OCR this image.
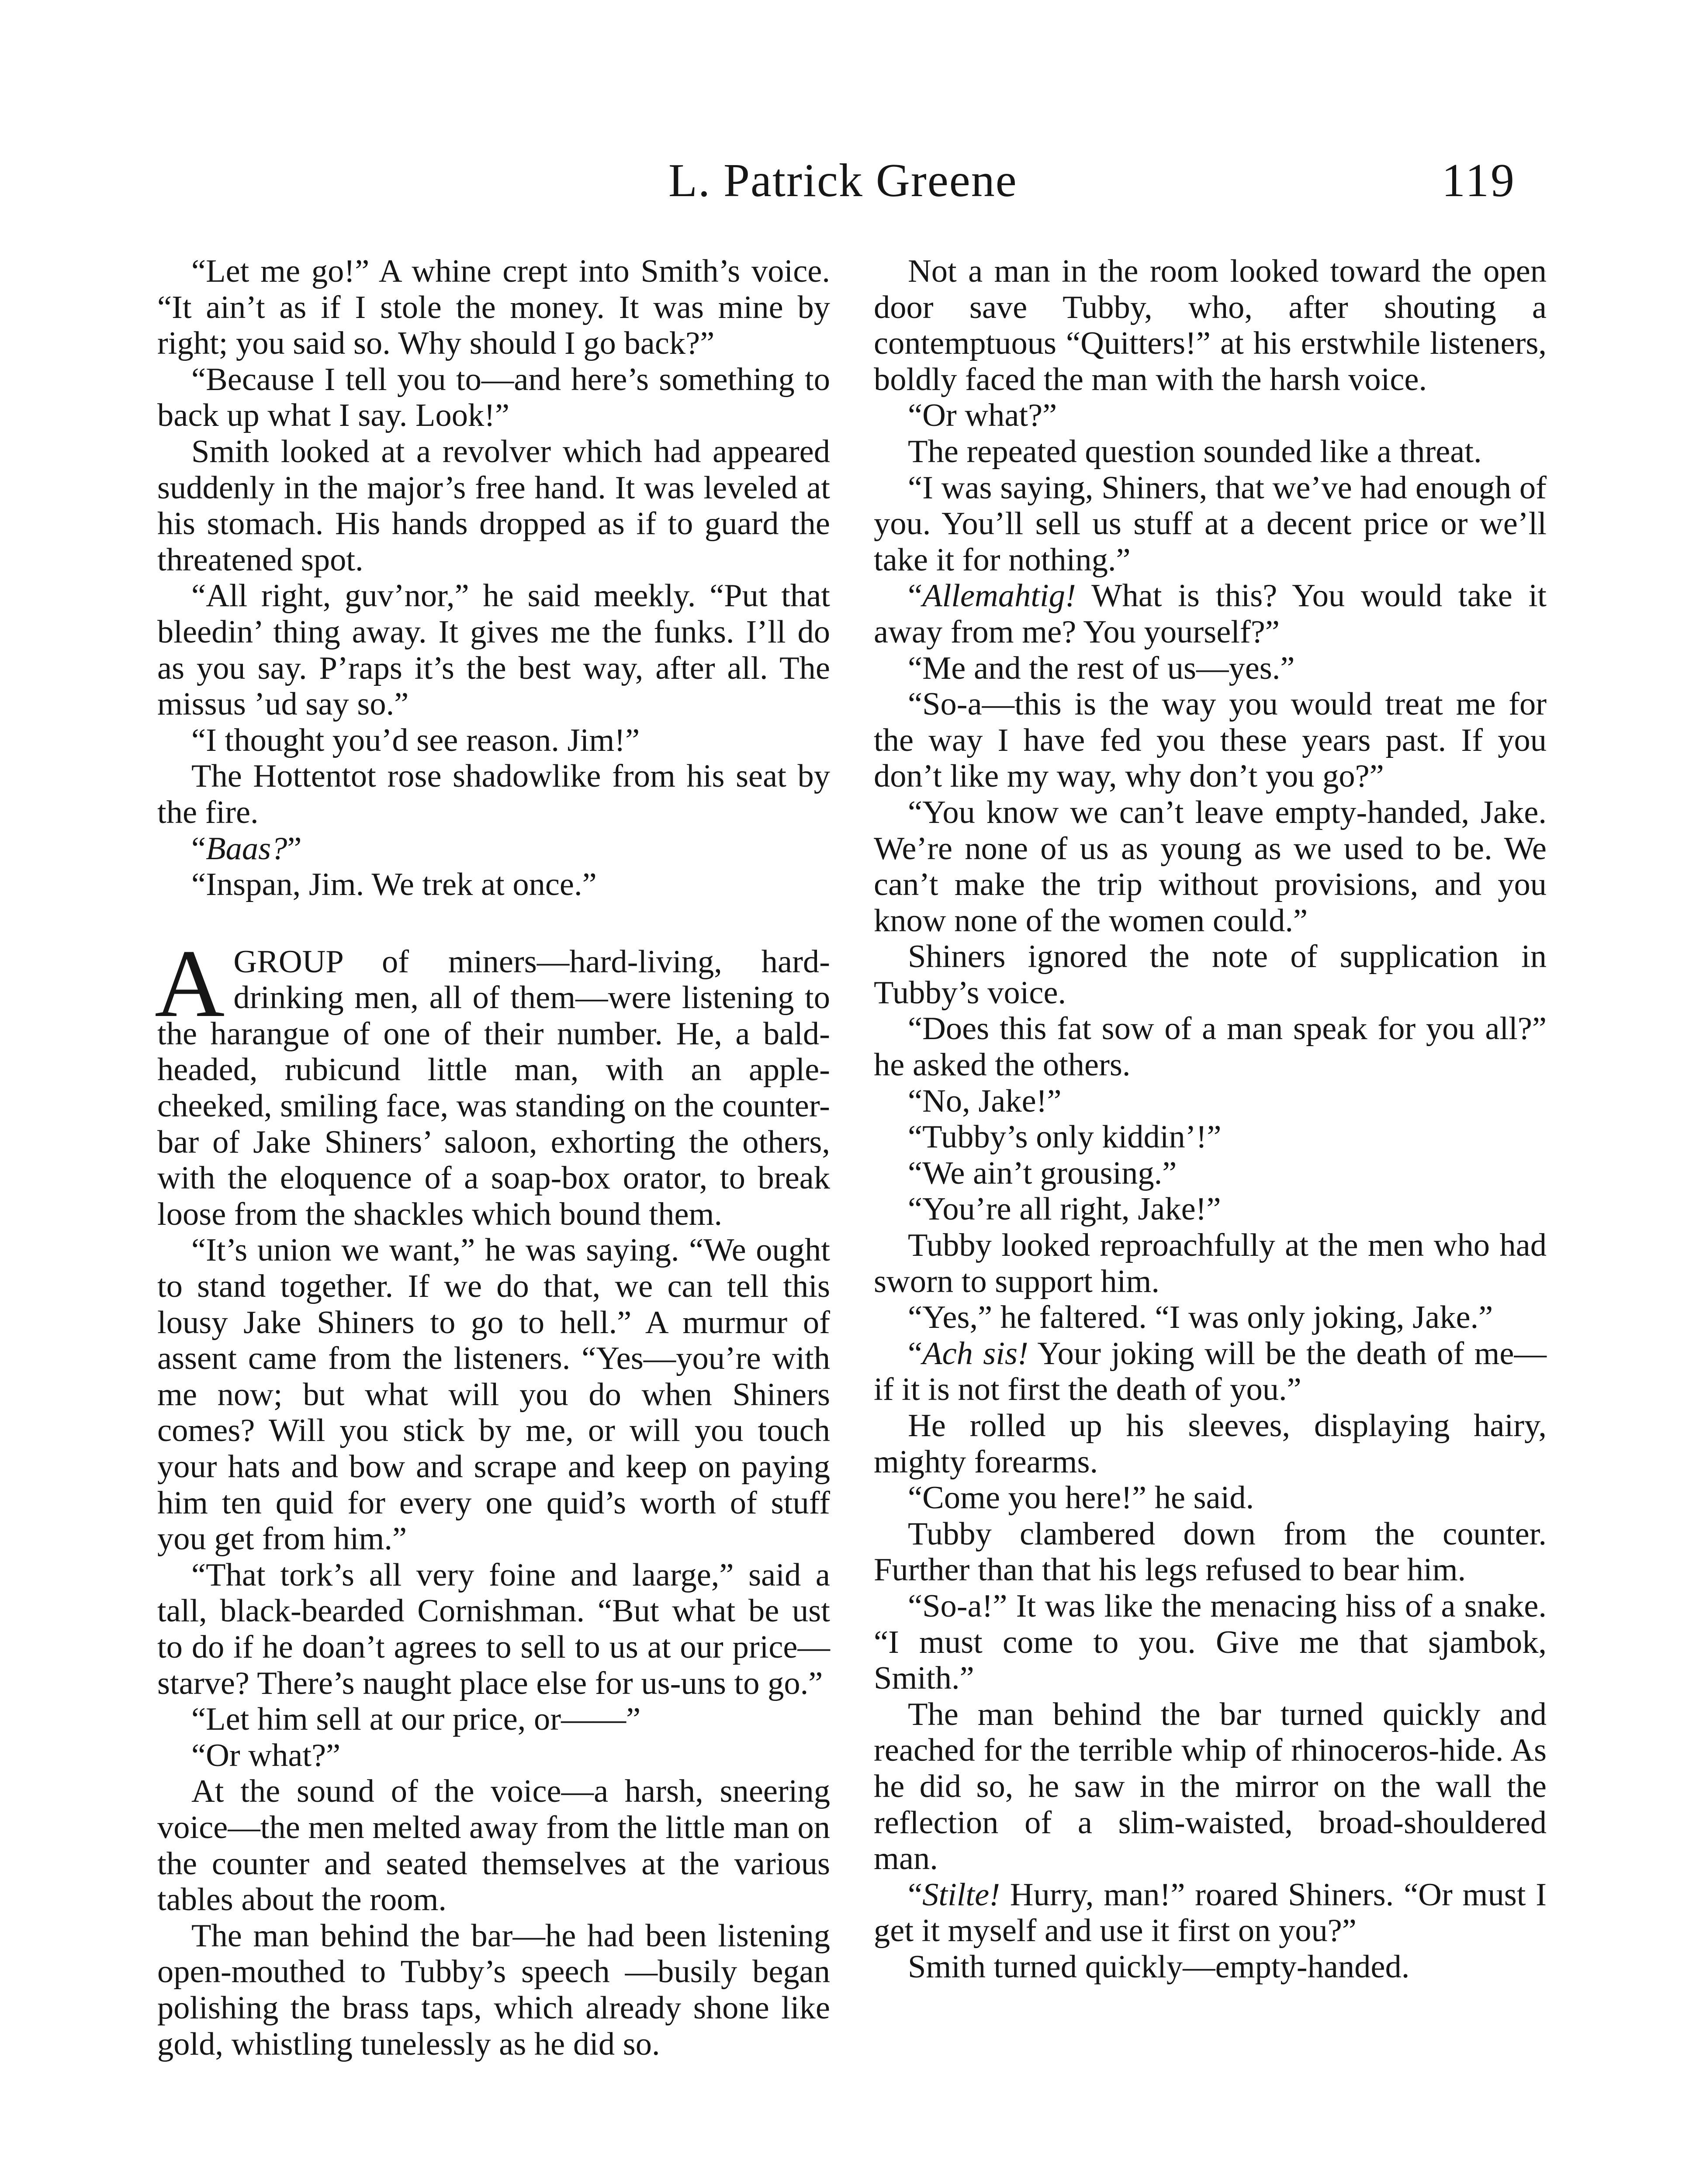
L. Patrick Greene	119

“Let me go!” A whine crept into Smith’s voice. “It ain’t as if I stole the money. It was mine by right; you said so. Why should I go back?”

“Because I tell you to—and here’s something to back up what I say. Look!”

Smith looked at a revolver which had appeared suddenly in the major’s free hand. It was leveled at his stomach. His hands dropped as if to guard the threatened spot.

“All right, guv’nor,” he said meekly. “Put that bleedin’ thing away. It gives me the funks. I’ll do as you say. P’raps it’s the best way, after all. The missus ’ud say so.”

“I thought you’d see reason. Jim!”

The Hottentot rose shadowlike from his seat by the fire.

“Baas?”

“Inspan, Jim. We trek at once.”

AGROUP of miners—hard-living, hard-drinking men, all of them—were listening to the harangue of one of their number. He, a bald-headed, rubicund little man, with an apple-cheeked, smiling face, was standing on the counter-bar of Jake Shiners’ saloon, exhorting the others, with the eloquence of a soap-box orator, to break loose from the shackles which bound them.

“It’s union we want,” he was saying. “We ought to stand together. If we do that, we can tell this lousy Jake Shiners to go to hell.” A murmur of assent came from the listeners. “Yes—you’re with me now; but what will you do when Shiners comes? Will you stick by me, or will you touch your hats and bow and scrape and keep on paying him ten quid for every one quid’s worth of stuff you get from him.”

“That tork’s all very foine and laarge,” said a tall, black-bearded Cornishman. “But what be ust to do if he doan’t agrees to sell to us at our price—starve? There’s naught place else for us-uns to go.”

“Let him sell at our price, or——”

“Or what?”

At the sound of the voice—a harsh, sneering voice—the men melted away from the little man on the counter and seated themselves at the various tables about the room.

The man behind the bar—he had been listening open-mouthed to Tubby’s speech —busily began polishing the brass taps, which already shone like gold, whistling tunelessly as he did so.

Not a man in the room looked toward the open door save Tubby, who, after shouting a contemptuous “Quitters!” at his erstwhile listeners, boldly faced the man with the harsh voice.

“Or what?”

The repeated question sounded like a threat.

“I was saying, Shiners, that we’ve had enough of you. You’ll sell us stuff at a decent price or we’ll take it for nothing.”

“Allemahtig! What is this? You would take it away from me? You yourself?”

“Me and the rest of us—yes.”

“So-a—this is the way you would treat me for the way I have fed you these years past. If you don’t like my way, why don’t you go?”

“You know we can’t leave empty-handed, Jake. We’re none of us as young as we used to be. We can’t make the trip without provisions, and you know none of the women could.”

Shiners ignored the note of supplication in Tubby’s voice.

“Does this fat sow of a man speak for you all?” he asked the others.

“No, Jake!”

“Tubby’s only kiddin’!”

“We ain’t grousing.”

“You’re all right, Jake!”

Tubby looked reproachfully at the men who had sworn to support him.

“Yes,” he faltered. “I was only joking, Jake.”

“Ach sis! Your joking will be the death of me—if it is not first the death of you.”

He rolled up his sleeves, displaying hairy, mighty forearms.

“Come you here!” he said.

Tubby clambered down from the counter. Further than that his legs refused to bear him.

“So-a!” It was like the menacing hiss of a snake. “I must come to you. Give me that sjambok, Smith.”

The man behind the bar turned quickly and reached for the terrible whip of rhinoceros-hide. As he did so, he saw in the mirror on the wall the reflection of a slim-waisted, broad-shouldered man.

“Stilte! Hurry, man!” roared Shiners. “Or must I get it myself and use it first on you?”

Smith turned quickly—empty-handed.
